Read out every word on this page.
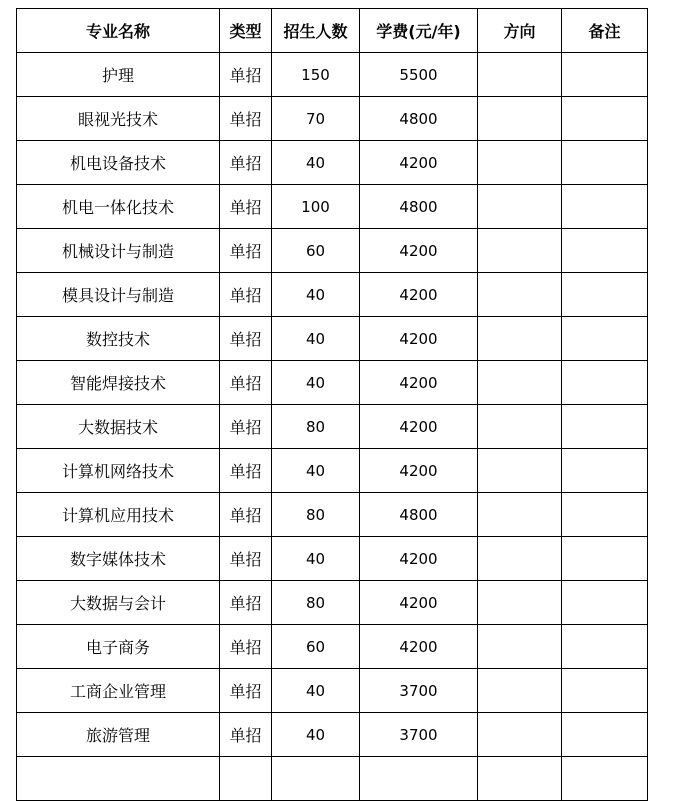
专业名称	类型	招生人数	学费(元/年)	方向	备注
护理	单招	150	5500		
眼视光技术	单招	70	4800		
机电设备技术	单招	40	4200		
机电一体化技术	单招	100	4800		
机械设计与制造	单招	60	4200		
模具设计与制造	单招	40	4200		
数控技术	单招	40	4200		
智能焊接技术	单招	40	4200		
大数据技术	单招	80	4200		
计算机网络技术	单招	40	4200		
计算机应用技术	单招	80	4800		
数字媒体技术	单招	40	4200		
大数据与会计	单招	80	4200		
电子商务	单招	60	4200		
工商企业管理	单招	40	3700		
旅游管理	单招	40	3700		
